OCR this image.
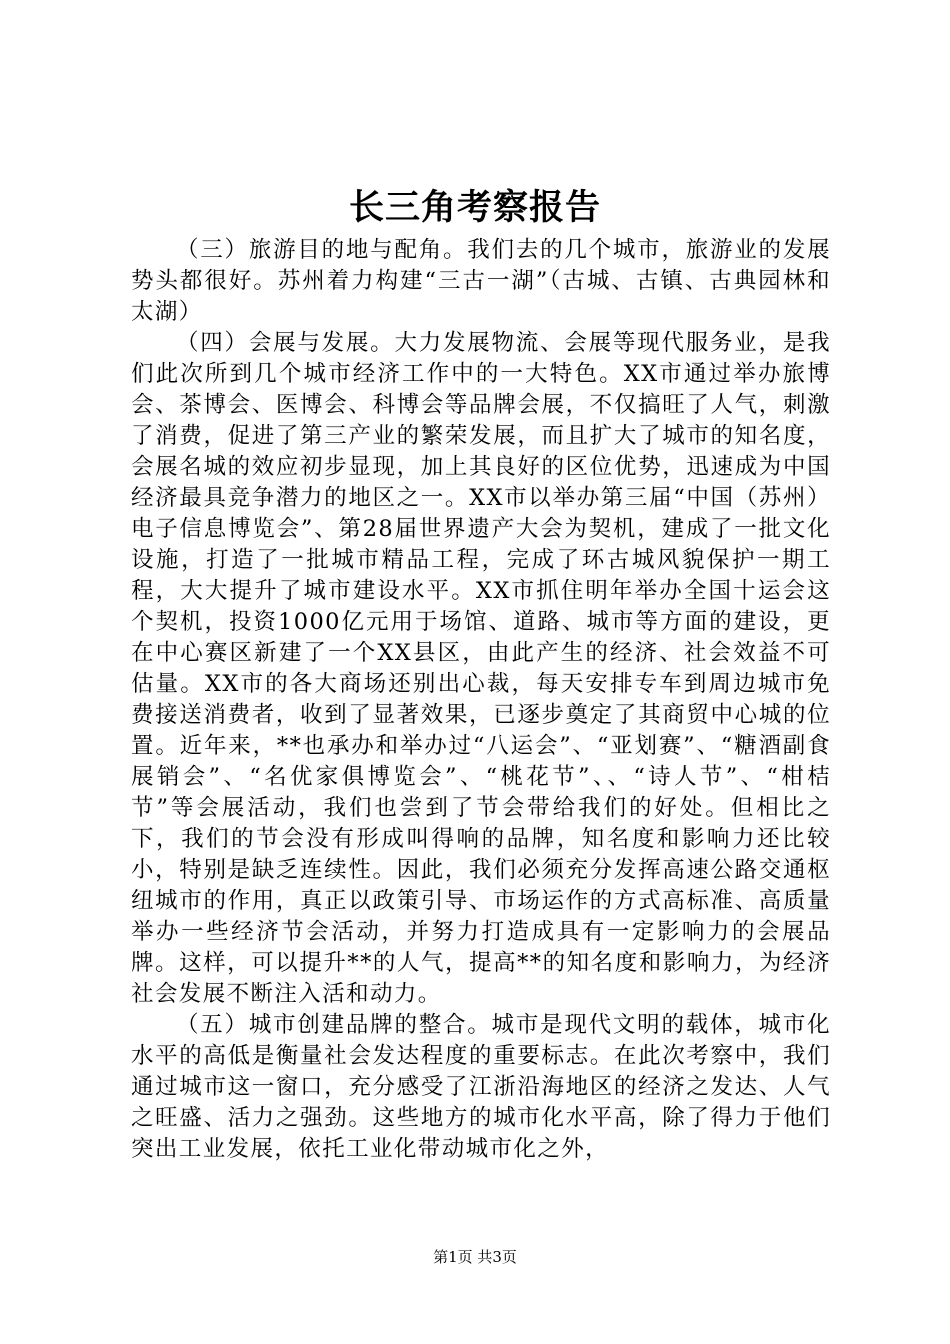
长三角考察报告

（三）旅游目的地与配角。我们去的几个城市，旅游业的发展势头都很好。苏州着力构建“三古一湖”（古城、古镇、古典园林和太湖）

（四）会展与发展。大力发展物流、会展等现代服务业，是我们此次所到几个城市经济工作中的一大特色。XX市通过举办旅博会、茶博会、医博会、科博会等品牌会展，不仅搞旺了人气，刺激了消费，促进了第三产业的繁荣发展，而且扩大了城市的知名度，会展名城的效应初步显现，加上其良好的区位优势，迅速成为中国经济最具竞争潜力的地区之一。XX市以举办第三届“中国（苏州）电子信息博览会”、第28届世界遗产大会为契机，建成了一批文化设施，打造了一批城市精品工程，完成了环古城风貌保护一期工程，大大提升了城市建设水平。XX市抓住明年举办全国十运会这个契机，投资1000亿元用于场馆、道路、城市等方面的建设，更在中心赛区新建了一个XX县区，由此产生的经济、社会效益不可估量。XX市的各大商场还别出心裁，每天安排专车到周边城市免费接送消费者，收到了显著效果，已逐步奠定了其商贸中心城的位置。近年来，**也承办和举办过“八运会”、“亚划赛”、“糖酒副食展销会”、“名优家俱博览会”、“桃花节”、、“诗人节”、“柑桔节”等会展活动，我们也尝到了节会带给我们的好处。但相比之下，我们的节会没有形成叫得响的品牌，知名度和影响力还比较小，特别是缺乏连续性。因此，我们必须充分发挥高速公路交通枢纽城市的作用，真正以政策引导、市场运作的方式高标准、高质量举办一些经济节会活动，并努力打造成具有一定影响力的会展品牌。这样，可以提升**的人气，提高**的知名度和影响力，为经济社会发展不断注入活和动力。

（五）城市创建品牌的整合。城市是现代文明的载体，城市化水平的高低是衡量社会发达程度的重要标志。在此次考察中，我们通过城市这一窗口，充分感受了江浙沿海地区的经济之发达、人气之旺盛、活力之强劲。这些地方的城市化水平高，除了得力于他们突出工业发展，依托工业化带动城市化之外，

第1页 共3页
